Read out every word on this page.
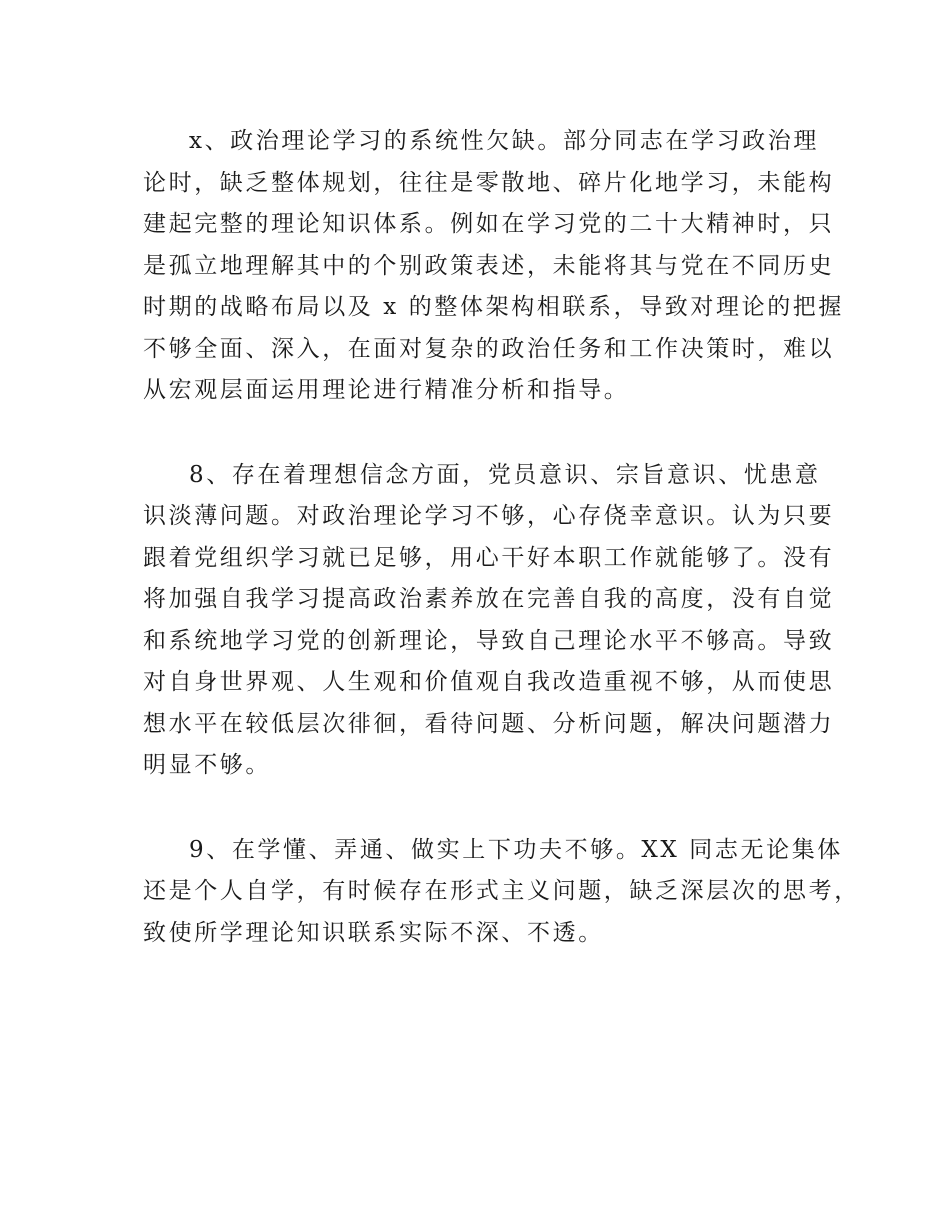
x、政治理论学习的系统性欠缺。部分同志在学习政治理
论时，缺乏整体规划，往往是零散地、碎片化地学习，未能构
建起完整的理论知识体系。例如在学习党的二十大精神时，只
是孤立地理解其中的个别政策表述，未能将其与党在不同历史
时期的战略布局以及 x 的整体架构相联系，导致对理论的把握
不够全面、深入，在面对复杂的政治任务和工作决策时，难以
从宏观层面运用理论进行精准分析和指导。

8、存在着理想信念方面，党员意识、宗旨意识、忧患意
识淡薄问题。对政治理论学习不够，心存侥幸意识。认为只要
跟着党组织学习就已足够，用心干好本职工作就能够了。没有
将加强自我学习提高政治素养放在完善自我的高度，没有自觉
和系统地学习党的创新理论，导致自己理论水平不够高。导致
对自身世界观、人生观和价值观自我改造重视不够，从而使思
想水平在较低层次徘徊，看待问题、分析问题，解决问题潜力
明显不够。

9、在学懂、弄通、做实上下功夫不够。XX 同志无论集体
还是个人自学，有时候存在形式主义问题，缺乏深层次的思考，
致使所学理论知识联系实际不深、不透。
